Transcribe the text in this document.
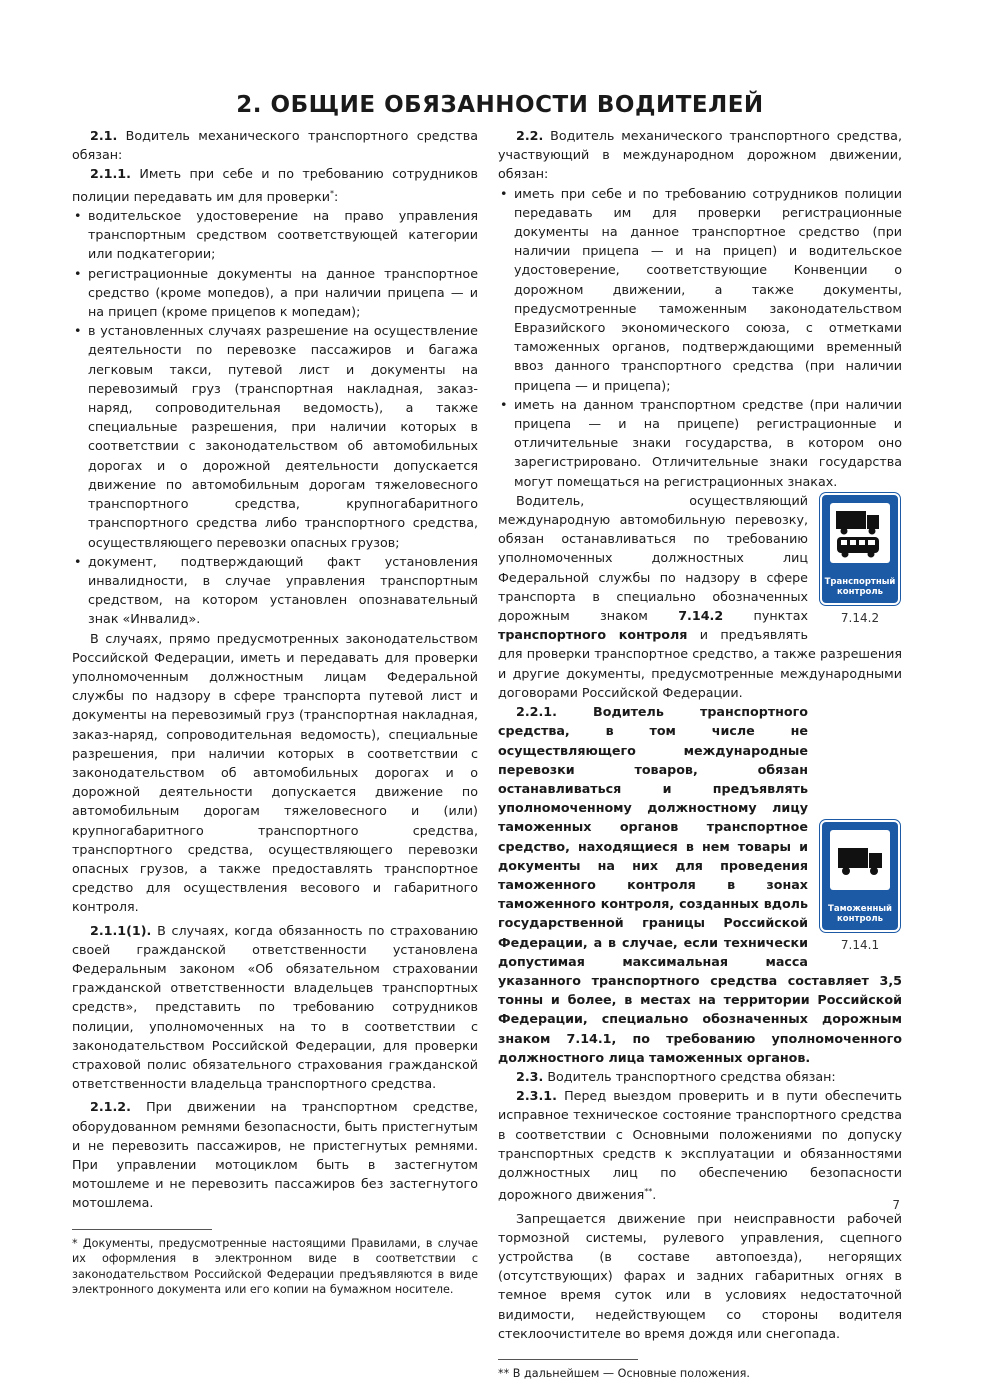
2. ОБЩИЕ ОБЯЗАННОСТИ ВОДИТЕЛЕЙ

2.1. Водитель механического транспортного средства обязан:

2.1.1. Иметь при себе и по требованию сотрудников полиции передавать им для проверки*:

• водительское удостоверение на право управления транспортным средством соответствующей категории или подкатегории;
• регистрационные документы на данное транспортное средство (кроме мопедов), а при наличии прицепа — и на прицеп (кроме прицепов к мопедам);
• в установленных случаях разрешение на осуществление деятельности по перевозке пассажиров и багажа легковым такси, путевой лист и документы на перевозимый груз (транспортная накладная, заказ-наряд, сопроводительная ведомость), а также специальные разрешения, при наличии которых в соответствии с законодательством об автомобильных дорогах и о дорожной деятельности допускается движение по автомобильным дорогам тяжеловесного транспортного средства, крупногабаритного транспортного средства либо транспортного средства, осуществляющего перевозки опасных грузов;
• документ, подтверждающий факт установления инвалидности, в случае управления транспортным средством, на котором установлен опознавательный знак «Инвалид».

В случаях, прямо предусмотренных законодательством Российской Федерации, иметь и передавать для проверки уполномоченным должностным лицам Федеральной службы по надзору в сфере транспорта путевой лист и документы на перевозимый груз (транспортная накладная, заказ-наряд, сопроводительная ведомость), специальные разрешения, при наличии которых в соответствии с законодательством об автомобильных дорогах и о дорожной деятельности допускается движение по автомобильным дорогам тяжеловесного и (или) крупногабаритного транспортного средства, транспортного средства, осуществляющего перевозки опасных грузов, а также предоставлять транспортное средство для осуществления весового и габаритного контроля.

2.1.1(1). В случаях, когда обязанность по страхованию своей гражданской ответственности установлена Федеральным законом «Об обязательном страховании гражданской ответственности владельцев транспортных средств», представить по требованию сотрудников полиции, уполномоченных на то в соответствии с законодательством Российской Федерации, для проверки страховой полис обязательного страхования гражданской ответственности владельца транспортного средства.

2.1.2. При движении на транспортном средстве, оборудованном ремнями безопасности, быть пристегнутым и не перевозить пассажиров, не пристегнутых ремнями. При управлении мотоциклом быть в застегнутом мотошлеме и не перевозить пассажиров без застегнутого мотошлема.

* Документы, предусмотренные настоящими Правилами, в случае их оформления в электронном виде в соответствии с законодательством Российской Федерации предъявляются в виде электронного документа или его копии на бумажном носителе.

2.2. Водитель механического транспортного средства, участвующий в международном дорожном движении, обязан:

• иметь при себе и по требованию сотрудников полиции передавать им для проверки регистрационные документы на данное транспортное средство (при наличии прицепа — и на прицеп) и водительское удостоверение, соответствующие Конвенции о дорожном движении, а также документы, предусмотренные таможенным законодательством Евразийского экономического союза, с отметками таможенных органов, подтверждающими временный ввоз данного транспортного средства (при наличии прицепа — и прицепа);
• иметь на данном транспортном средстве (при наличии прицепа — и на прицепе) регистрационные и отличительные знаки государства, в котором оно зарегистрировано. Отличительные знаки государства могут помещаться на регистрационных знаках.
Транспортный контроль
7.14.2

Водитель, осуществляющий международную автомобильную перевозку, обязан останавливаться по требованию уполномоченных должностных лиц Федеральной службы по надзору в сфере транспорта в специально обозначенных дорожным знаком 7.14.2 пунктах транспортного контроля и предъявлять для проверки транспортное средство, а также разрешения и другие документы, предусмотренные международными договорами Российской Федерации.

Таможенный контроль
7.14.1

2.2.1. Водитель транспортного средства, в том числе не осуществляющего международные перевозки товаров, обязан останавливаться и предъявлять уполномоченному должностному лицу таможенных органов транспортное средство, находящиеся в нем товары и документы на них для проведения таможенного контроля в зонах таможенного контроля, созданных вдоль государственной границы Российской Федерации, а в случае, если технически допустимая максимальная масса указанного транспортного средства составляет 3,5 тонны и более, в местах на территории Российской Федерации, специально обозначенных дорожным знаком 7.14.1, по требованию уполномоченного должностного лица таможенных органов.

2.3. Водитель транспортного средства обязан:

2.3.1. Перед выездом проверить и в пути обеспечить исправное техническое состояние транспортного средства в соответствии с Основными положениями по допуску транспортных средств к эксплуатации и обязанностями должностных лиц по обеспечению безопасности дорожного движения**.

Запрещается движение при неисправности рабочей тормозной системы, рулевого управления, сцепного устройства (в составе автопоезда), негорящих (отсутствующих) фарах и задних габаритных огнях в темное время суток или в условиях недостаточной видимости, недействующем со стороны водителя стеклоочистителе во время дождя или снегопада.

** В дальнейшем — Основные положения.

7
